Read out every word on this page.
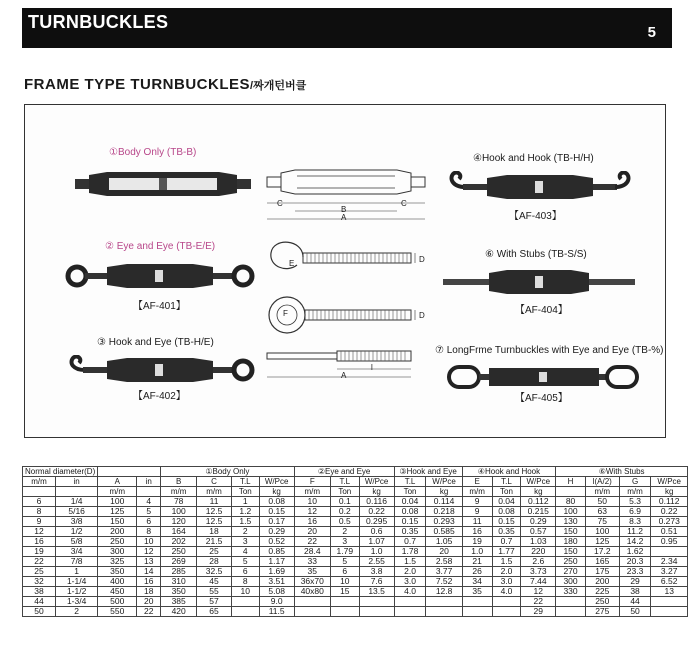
TURNBUCKLES
5
FRAME TYPE TURNBUCKLES/짜개턴버클
①Body Only (TB-B)
② Eye and Eye (TB-E/E)
【AF-401】
③ Hook and Eye (TB-H/E)
【AF-402】
C
B
C
A
E	D
F	D
l
A
④Hook and Hook (TB-H/H)
【AF-403】
⑥ With Stubs (TB-S/S)
【AF-404】
⑦ LongFrme Turnbuckles with Eye and Eye (TB-%)
【AF-405】
Normal diameter(D)				①Body Only				②Eye and Eye			③Hook and Eye		④Hook and Hook			⑥With Stubs			
m/m	in	A	in	B	C	T.L	W/Pce	F	T.L	W/Pce	T.L	W/Pce	E	T.L	W/Pce	H	l(A/2)	G	W/Pce
		m/m		m/m	m/m	Ton	kg	m/m	Ton	kg	Ton	kg	m/m	Ton	kg		m/m	m/m	kg
6	1/4	100	4	78	11	1	0.08	10	0.1	0.116	0.04	0.114	9	0.04	0.112	80	50	5.3	0.112
8	5/16	125	5	100	12.5	1.2	0.15	12	0.2	0.22	0.08	0.218	9	0.08	0.215	100	63	6.9	0.22
9	3/8	150	6	120	12.5	1.5	0.17	16	0.5	0.295	0.15	0.293	11	0.15	0.29	130	75	8.3	0.273
12	1/2	200	8	164	18	2	0.29	20	2	0.6	0.35	0.585	16	0.35	0.57	150	100	11.2	0.51
16	5/8	250	10	202	21.5	3	0.52	22	3	1.07	0.7	1.05	19	0.7	1.03	180	125	14.2	0.95
19	3/4	300	12	250	25	4	0.85	28.4	1.79	1.0	1.78	20	1.0	1.77	220	150	17.2	1.62	
22	7/8	325	13	269	28	5	1.17	33	5	2.55	1.5	2.58	21	1.5	2.6	250	165	20.3	2.34
25	1	350	14	285	32.5	6	1.69	35	6	3.8	2.0	3.77	26	2.0	3.73	270	175	23.3	3.27
32	1-1/4	400	16	310	45	8	3.51	36x70	10	7.6	3.0	7.52	34	3.0	7.44	300	200	29	6.52
38	1-1/2	450	18	350	55	10	5.08	40x80	15	13.5	4.0	12.8	35	4.0	12	330	225	38	13
44	1-3/4	500	20	385	57		9.0								22		250	44	
50	2	550	22	420	65		11.5								29		275	50	
